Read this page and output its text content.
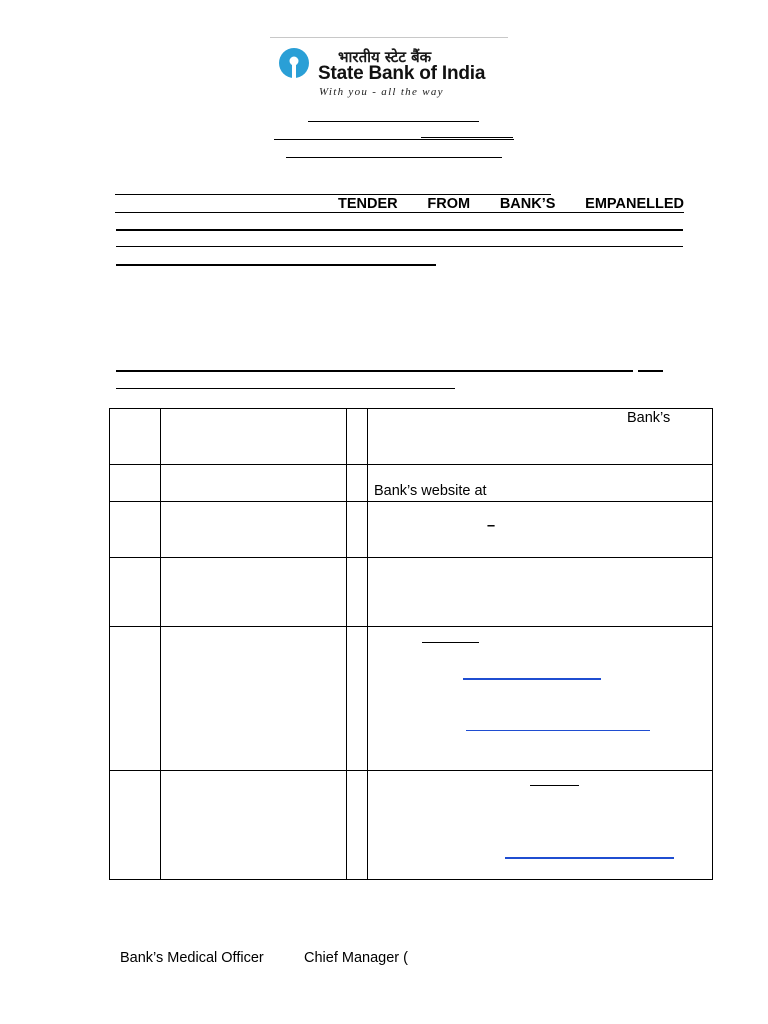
भारतीय स्टेट बैंक
State Bank of India
With you - all the way
TENDER FROM BANK’S EMPANELLED
Bank’s
Bank’s website at
–
Bank’s Medical Officer	Chief Manager (
